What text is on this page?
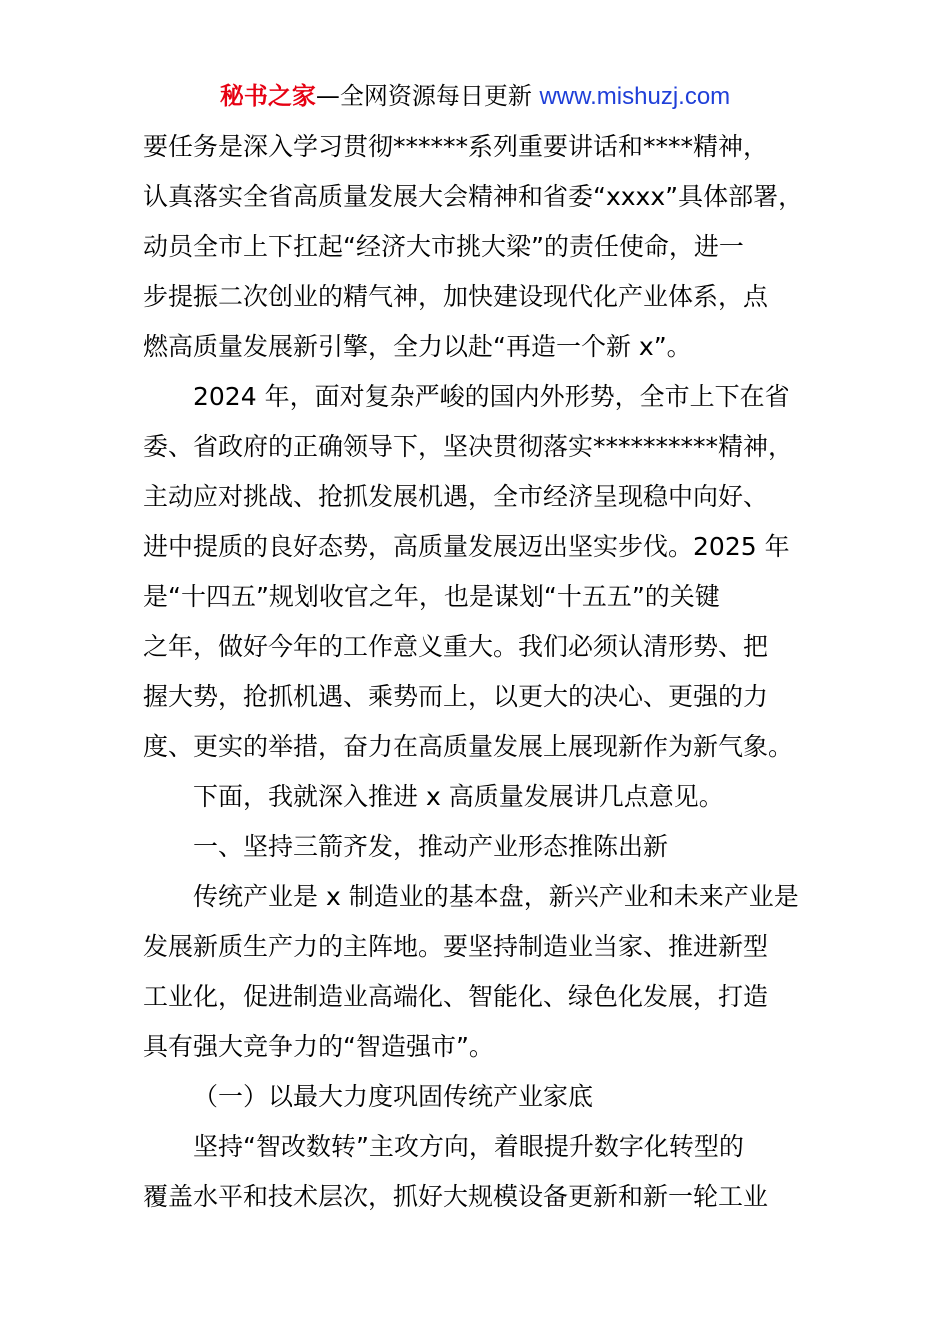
秘书之家—全网资源每日更新 www.mishuzj.com
要任务是深入学习贯彻******系列重要讲话和****精神，
认真落实全省高质量发展大会精神和省委“xxxx”具体部署，
动员全市上下扛起“经济大市挑大梁”的责任使命，进一
步提振二次创业的精气神，加快建设现代化产业体系，点
燃高质量发展新引擎，全力以赴“再造一个新 x”。
2024 年，面对复杂严峻的国内外形势，全市上下在省
委、省政府的正确领导下，坚决贯彻落实**********精神，
主动应对挑战、抢抓发展机遇，全市经济呈现稳中向好、
进中提质的良好态势，高质量发展迈出坚实步伐。2025 年
是“十四五”规划收官之年，也是谋划“十五五”的关键
之年，做好今年的工作意义重大。我们必须认清形势、把
握大势，抢抓机遇、乘势而上，以更大的决心、更强的力
度、更实的举措，奋力在高质量发展上展现新作为新气象。
下面，我就深入推进 x 高质量发展讲几点意见。
一、坚持三箭齐发，推动产业形态推陈出新
传统产业是 x 制造业的基本盘，新兴产业和未来产业是
发展新质生产力的主阵地。要坚持制造业当家、推进新型
工业化，促进制造业高端化、智能化、绿色化发展，打造
具有强大竞争力的“智造强市”。
（一）以最大力度巩固传统产业家底
坚持“智改数转”主攻方向，着眼提升数字化转型的
覆盖水平和技术层次，抓好大规模设备更新和新一轮工业
